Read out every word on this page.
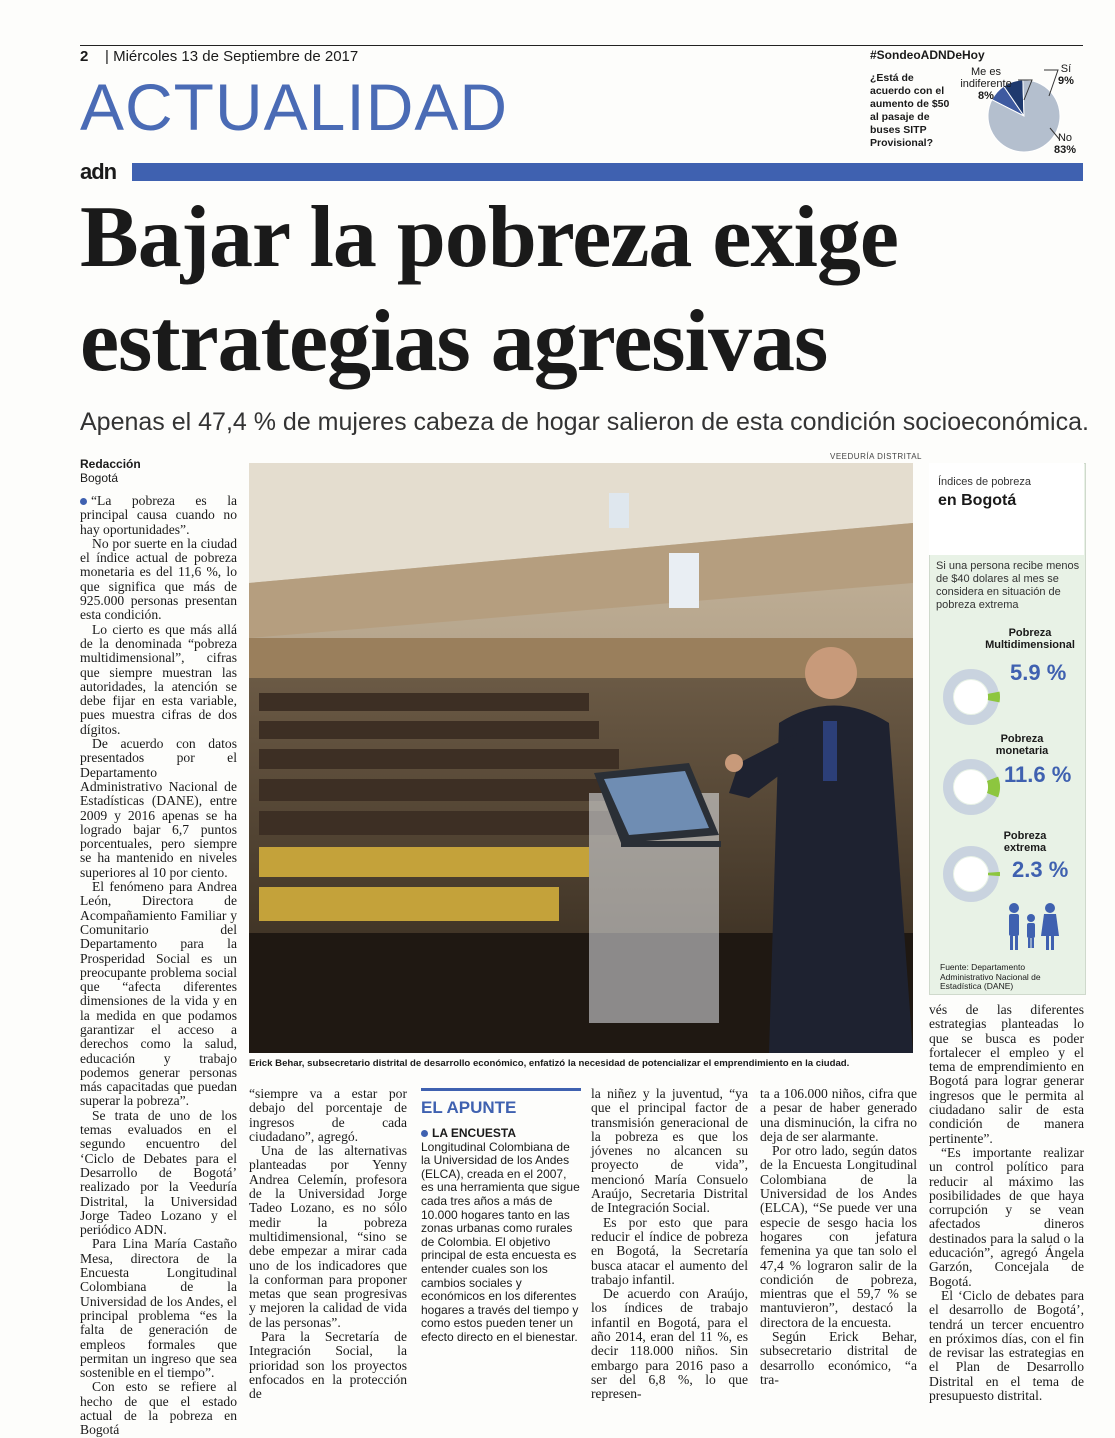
2
|	Miércoles 13 de Septiembre de 2017
ACTUALIDAD
#SondeoADNDeHoy
¿Está de acuerdo con el aumento de $50 al pasaje de buses SITP Provisional?
Me es indiferente
8%
Sí
9%
No
83%
adn
Bajar la pobreza exige estrategias agresivas
Apenas el 47,4 % de mujeres cabeza de hogar salieron de esta condición socioeconómica.
Redacción
Bogotá

“La pobreza es la principal causa cuando no hay oportunidades”.

No por suerte en la ciudad el índice actual de pobreza monetaria es del 11,6 %, lo que significa que más de 925.000 personas presentan esta condición.

Lo cierto es que más allá de la denominada “pobreza multidimensional”, cifras que siempre muestran las autoridades, la atención se debe fijar en esta variable, pues muestra cifras de dos dígitos.

De acuerdo con datos presentados por el Departamento Administrativo Nacional de Estadísticas (DANE), entre 2009 y 2016 apenas se ha logrado bajar 6,7 puntos porcentuales, pero siempre se ha mantenido en niveles superiores al 10 por ciento.

El fenómeno para Andrea León, Directora de Acompañamiento Familiar y Comunitario del Departamento para la Prosperidad Social es un preocupante problema social que “afecta diferentes dimensiones de la vida y en la medida en que podamos garantizar el acceso a derechos como la salud, educación y trabajo podemos generar personas más capacitadas que puedan superar la pobreza”.

Se trata de uno de los temas evaluados en el segundo encuentro del ‘Ciclo de Debates para el Desarrollo de Bogotá’ realizado por la Veeduría Distrital, la Universidad Jorge Tadeo Lozano y el periódico ADN.

Para Lina María Castaño Mesa, directora de la Encuesta Longitudinal Colombiana de la Universidad de los Andes, el principal problema “es la falta de generación de empleos formales que permitan un ingreso que sea sostenible en el tiempo”.

Con esto se refiere al hecho de que el estado actual de la pobreza en Bogotá

VEEDURÍA DISTRITAL
Erick Behar, subsecretario distrital de desarrollo económico, enfatizó la necesidad de potencializar el emprendimiento en la ciudad.

“siempre va a estar por debajo del porcentaje de ingresos de cada ciudadano”, agregó.

Una de las alternativas planteadas por Yenny Andrea Celemín, profesora de la Universidad Jorge Tadeo Lozano, es no sólo medir la pobreza multidimensional, “sino se debe empezar a mirar cada uno de los indicadores que la conforman para proponer metas que sean progresivas y mejoren la calidad de vida de las personas”.

Para la Secretaría de Integración Social, la prioridad son los proyectos enfocados en la protección de

EL APUNTE
LA ENCUESTA Longitudinal Colombiana de la Universidad de los Andes (ELCA), creada en el 2007, es una herramienta que sigue cada tres años a más de 10.000 hogares tanto en las zonas urbanas como rurales de Colombia. El objetivo principal de esta encuesta es entender cuales son los cambios sociales y económicos en los diferentes hogares a través del tiempo y como estos pueden tener un efecto directo en el bienestar.

la niñez y la juventud, “ya que el principal factor de transmisión generacional de la pobreza es que los jóvenes no alcancen su proyecto de vida”, mencionó María Consuelo Araújo, Secretaria Distrital de Integración Social.

Es por esto que para reducir el índice de pobreza en Bogotá, la Secretaría busca atacar el aumento del trabajo infantil.

De acuerdo con Araújo, los índices de trabajo infantil en Bogotá, para el año 2014, eran del 11 %, es decir 118.000 niños. Sin embargo para 2016 paso a ser del 6,8 %, lo que represen-

ta a 106.000 niños, cifra que a pesar de haber generado una disminución, la cifra no deja de ser alarmante.

Por otro lado, según datos de la Encuesta Longitudinal Colombiana de la Universidad de los Andes (ELCA), “Se puede ver una especie de sesgo hacia los hogares con jefatura femenina ya que tan solo el 47,4 % lograron salir de la condición de pobreza, mientras que el 59,7 % se mantuvieron”, destacó la directora de la encuesta.

Según Erick Behar, subsecretario distrital de desarrollo económico, “a tra-

Índices de pobreza
en Bogotá
Si una persona recibe menos de $40 dolares al mes se considera en situación de pobreza extrema
Pobreza Multidimensional
5.9 %
Pobreza monetaria
11.6 %
Pobreza extrema
2.3 %
Fuente: Departamento Administrativo Nacional de Estadística (DANE)

vés de las diferentes estrategias planteadas lo que se busca es poder fortalecer el empleo y el tema de emprendimiento en Bogotá para lograr generar ingresos que le permita al ciudadano salir de esta condición de manera pertinente”.

“Es importante realizar un control político para reducir al máximo las posibilidades de que haya corrupción y se vean afectados dineros destinados para la salud o la educación”, agregó Ángela Garzón, Concejala de Bogotá.

El ‘Ciclo de debates para el desarrollo de Bogotá’, tendrá un tercer encuentro en próximos días, con el fin de revisar las estrategias en el Plan de Desarrollo Distrital en el tema de presupuesto distrital.
